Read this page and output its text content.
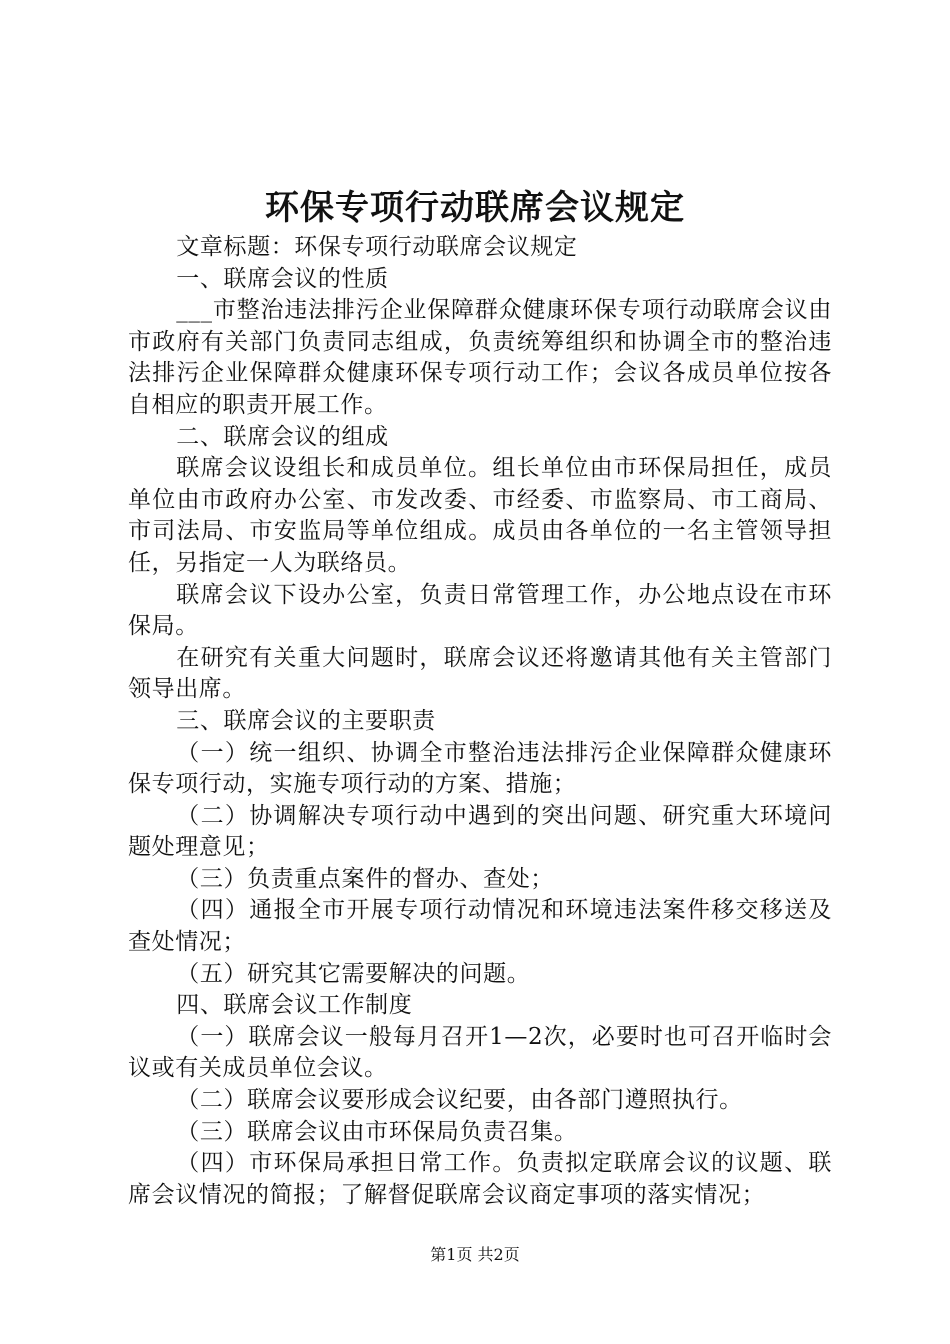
环保专项行动联席会议规定

文章标题：环保专项行动联席会议规定

一、联席会议的性质

___市整治违法排污企业保障群众健康环保专项行动联席会议由市政府有关部门负责同志组成，负责统筹组织和协调全市的整治违法排污企业保障群众健康环保专项行动工作；会议各成员单位按各自相应的职责开展工作。

二、联席会议的组成

联席会议设组长和成员单位。组长单位由市环保局担任，成员单位由市政府办公室、市发改委、市经委、市监察局、市工商局、市司法局、市安监局等单位组成。成员由各单位的一名主管领导担任，另指定一人为联络员。

联席会议下设办公室，负责日常管理工作，办公地点设在市环保局。

在研究有关重大问题时，联席会议还将邀请其他有关主管部门领导出席。

三、联席会议的主要职责

（一）统一组织、协调全市整治违法排污企业保障群众健康环保专项行动，实施专项行动的方案、措施；

（二）协调解决专项行动中遇到的突出问题、研究重大环境问题处理意见；

（三）负责重点案件的督办、查处；

（四）通报全市开展专项行动情况和环境违法案件移交移送及查处情况；

（五）研究其它需要解决的问题。

四、联席会议工作制度

（一）联席会议一般每月召开1—2次，必要时也可召开临时会议或有关成员单位会议。

（二）联席会议要形成会议纪要，由各部门遵照执行。

（三）联席会议由市环保局负责召集。

（四）市环保局承担日常工作。负责拟定联席会议的议题、联席会议情况的简报；了解督促联席会议商定事项的落实情况；

第1页 共2页
